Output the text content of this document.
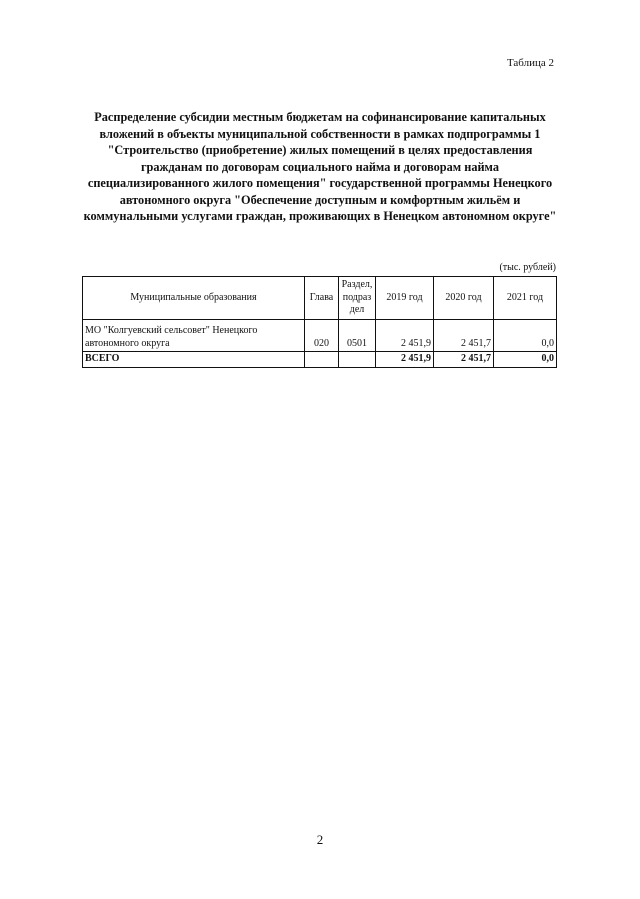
Таблица 2
Распределение субсидии местным бюджетам на софинансирование капитальных
вложений в объекты муниципальной собственности в рамках подпрограммы 1
"Строительство (приобретение) жилых помещений в целях предоставления
гражданам по договорам социального найма и договорам найма
специализированного жилого помещения" государственной программы Ненецкого
автономного округа "Обеспечение доступным и комфортным жильём и
коммунальными услугами граждан, проживающих в Ненецком автономном округе"
(тыс. рублей)
Муниципальные образования	Глава	Раздел, подраз дел	2019 год	2020 год	2021 год
МО "Колгуевский сельсовет" Ненецкого автономного округа	020	0501	2 451,9	2 451,7	0,0
ВСЕГО			2 451,9	2 451,7	0,0
2
